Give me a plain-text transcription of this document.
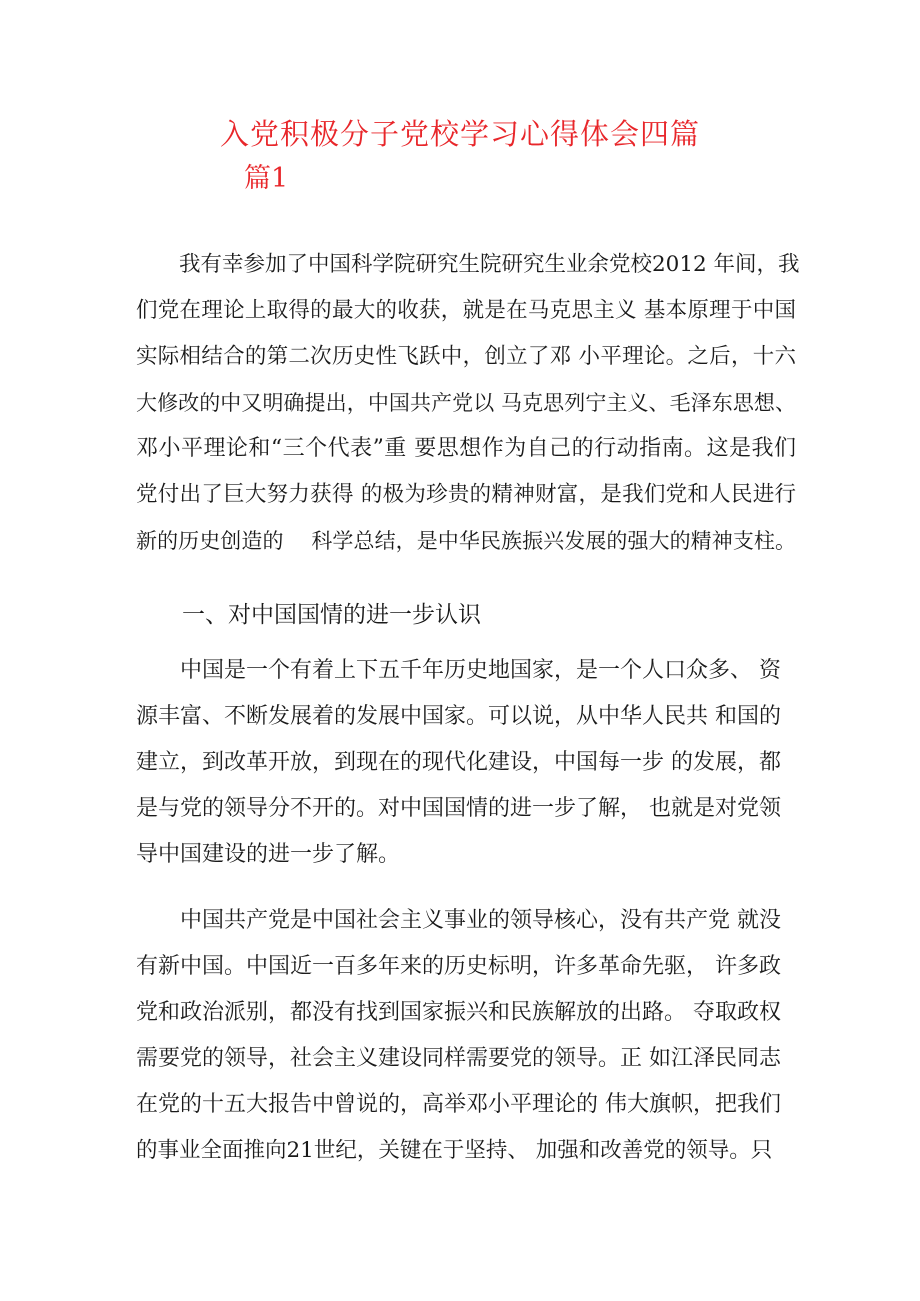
入党积极分子党校学习心得体会四篇
篇1
　　我有幸参加了中国科学院研究生院研究生业余党校2012 年间，我
们党在理论上取得的最大的收获，就是在马克思主义 基本原理于中国
实际相结合的第二次历史性飞跃中，创立了邓 小平理论。之后，十六
大修改的中又明确提出，中国共产党以 马克思列宁主义、毛泽东思想、
邓小平理论和“三个代表”重 要思想作为自己的行动指南。这是我们
党付出了巨大努力获得 的极为珍贵的精神财富，是我们党和人民进行
新的历史创造的　 科学总结，是中华民族振兴发展的强大的精神支柱。
一、对中国国情的进一步认识
　　中国是一个有着上下五千年历史地国家，是一个人口众多、 资
源丰富、不断发展着的发展中国家。可以说，从中华人民共 和国的
建立，到改革开放，到现在的现代化建设，中国每一步 的发展，都
是与党的领导分不开的。对中国国情的进一步了解， 也就是对党领
导中国建设的进一步了解。
　　中国共产党是中国社会主义事业的领导核心，没有共产党 就没
有新中国。中国近一百多年来的历史标明，许多革命先驱， 许多政
党和政治派别，都没有找到国家振兴和民族解放的出路。 夺取政权
需要党的领导，社会主义建设同样需要党的领导。正 如江泽民同志
在党的十五大报告中曾说的，高举邓小平理论的 伟大旗帜，把我们
的事业全面推向21世纪，关键在于坚持、 加强和改善党的领导。只
